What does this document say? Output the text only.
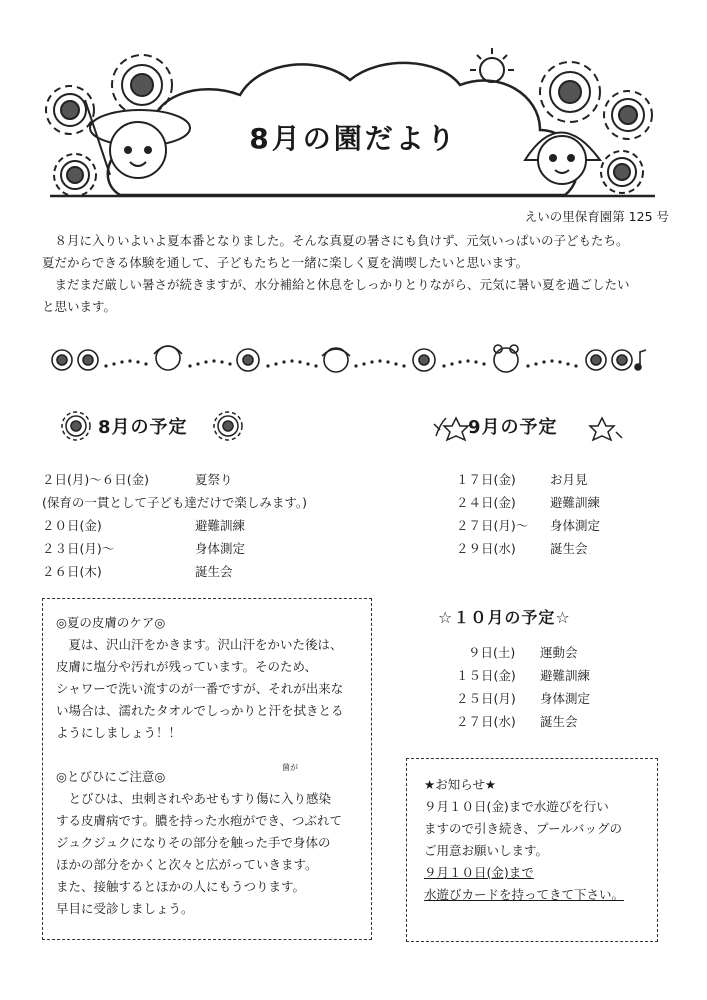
8月の園だより
えいの里保育園第 125 号
　８月に入りいよいよ夏本番となりました。そんな真夏の暑さにも負けず、元気いっぱいの子どもたち。
夏だからできる体験を通して、子どもたちと一緒に楽しく夏を満喫したいと思います。
　まだまだ厳しい暑さが続きますが、水分補給と休息をしっかりとりながら、元気に暑い夏を過ごしたい
と思います。
8月の予定
２日(月)～６日(金)	夏祭り
(保育の一貫として子ども達だけで楽しみます。)
２０日(金)	避難訓練
２３日(月)～	身体測定
２６日(木)	誕生会
9月の予定
１７日(金)	お月見
２４日(金)	避難訓練
２７日(月)～ 身体測定
２９日(水)	誕生会
☆１０月の予定☆
９日(土) 運動会
１５日(金) 避難訓練
２５日(月) 身体測定
２７日(水) 誕生会
◎夏の皮膚のケア◎
　夏は、沢山汗をかきます。沢山汗をかいた後は、
皮膚に塩分や汚れが残っています。そのため、
シャワーで洗い流すのが一番ですが、それが出来な
い場合は、濡れたタオルでしっかりと汗を拭きとる
ようにしましょう！！
◎とびひにご注意◎
　とびひは、虫刺されやあせもすり傷に入り感染
する皮膚病です。膿を持った水疱ができ、つぶれて
ジュクジュクになりその部分を触った手で身体の
ほかの部分をかくと次々と広がっていきます。
また、接触するとほかの人にもうつります。
早目に受診しましょう。
菌が
★お知らせ★
９月１０日(金)まで水遊びを行い
ますので引き続き、プールバッグの
ご用意お願いします。
９月１０日(金)まで
水遊びカードを持ってきて下さい。
